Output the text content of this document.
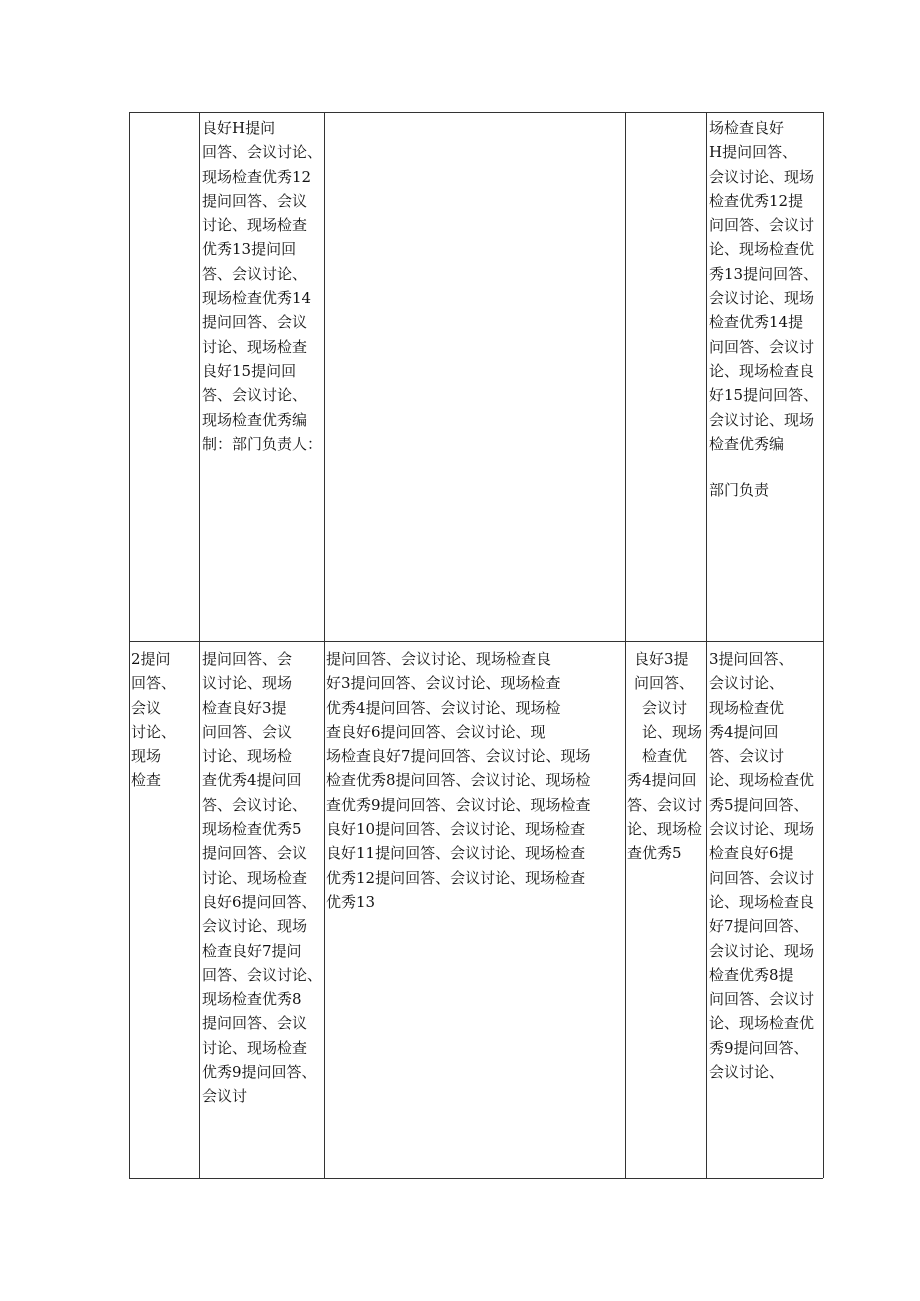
良好H提问
回答、会议讨论、
现场检查优秀12
提问回答、会议
讨论、现场检查
优秀13提问回
答、会议讨论、
现场检查优秀14
提问回答、会议
讨论、现场检查
良好15提问回
答、会议讨论、
现场检查优秀编
制：部门负责人：
场检查良好
H提问回答、
会议讨论、现场
检查优秀12提
问回答、会议讨
论、现场检查优
秀13提问回答、
会议讨论、现场
检查优秀14提
问回答、会议讨
论、现场检查良
好15提问回答、
会议讨论、现场
检查优秀编
部门负责
2提问
回答、
会议
讨论、
现场
检查
提问回答、会
议讨论、现场
检查良好3提
问回答、会议
讨论、现场检
查优秀4提问回
答、会议讨论、
现场检查优秀5
提问回答、会议
讨论、现场检查
良好6提问回答、
会议讨论、现场
检查良好7提问
回答、会议讨论、
现场检查优秀8
提问回答、会议
讨论、现场检查
优秀9提问回答、
会议讨
提问回答、会议讨论、现场检查良
好3提问回答、会议讨论、现场检查
优秀4提问回答、会议讨论、现场检
查良好6提问回答、会议讨论、现
场检查良好7提问回答、会议讨论、现场
检查优秀8提问回答、会议讨论、现场检
查优秀9提问回答、会议讨论、现场检查
良好10提问回答、会议讨论、现场检查
良好11提问回答、会议讨论、现场检查
优秀12提问回答、会议讨论、现场检查
优秀13
良好3提
问回答、
会议讨
论、现场
检查优
秀4提问回
答、会议讨
论、现场检
查优秀5
3提问回答、
会议讨论、
现场检查优
秀4提问回
答、会议讨
论、现场检查优
秀5提问回答、
会议讨论、现场
检查良好6提
问回答、会议讨
论、现场检查良
好7提问回答、
会议讨论、现场
检查优秀8提
问回答、会议讨
论、现场检查优
秀9提问回答、
会议讨论、
